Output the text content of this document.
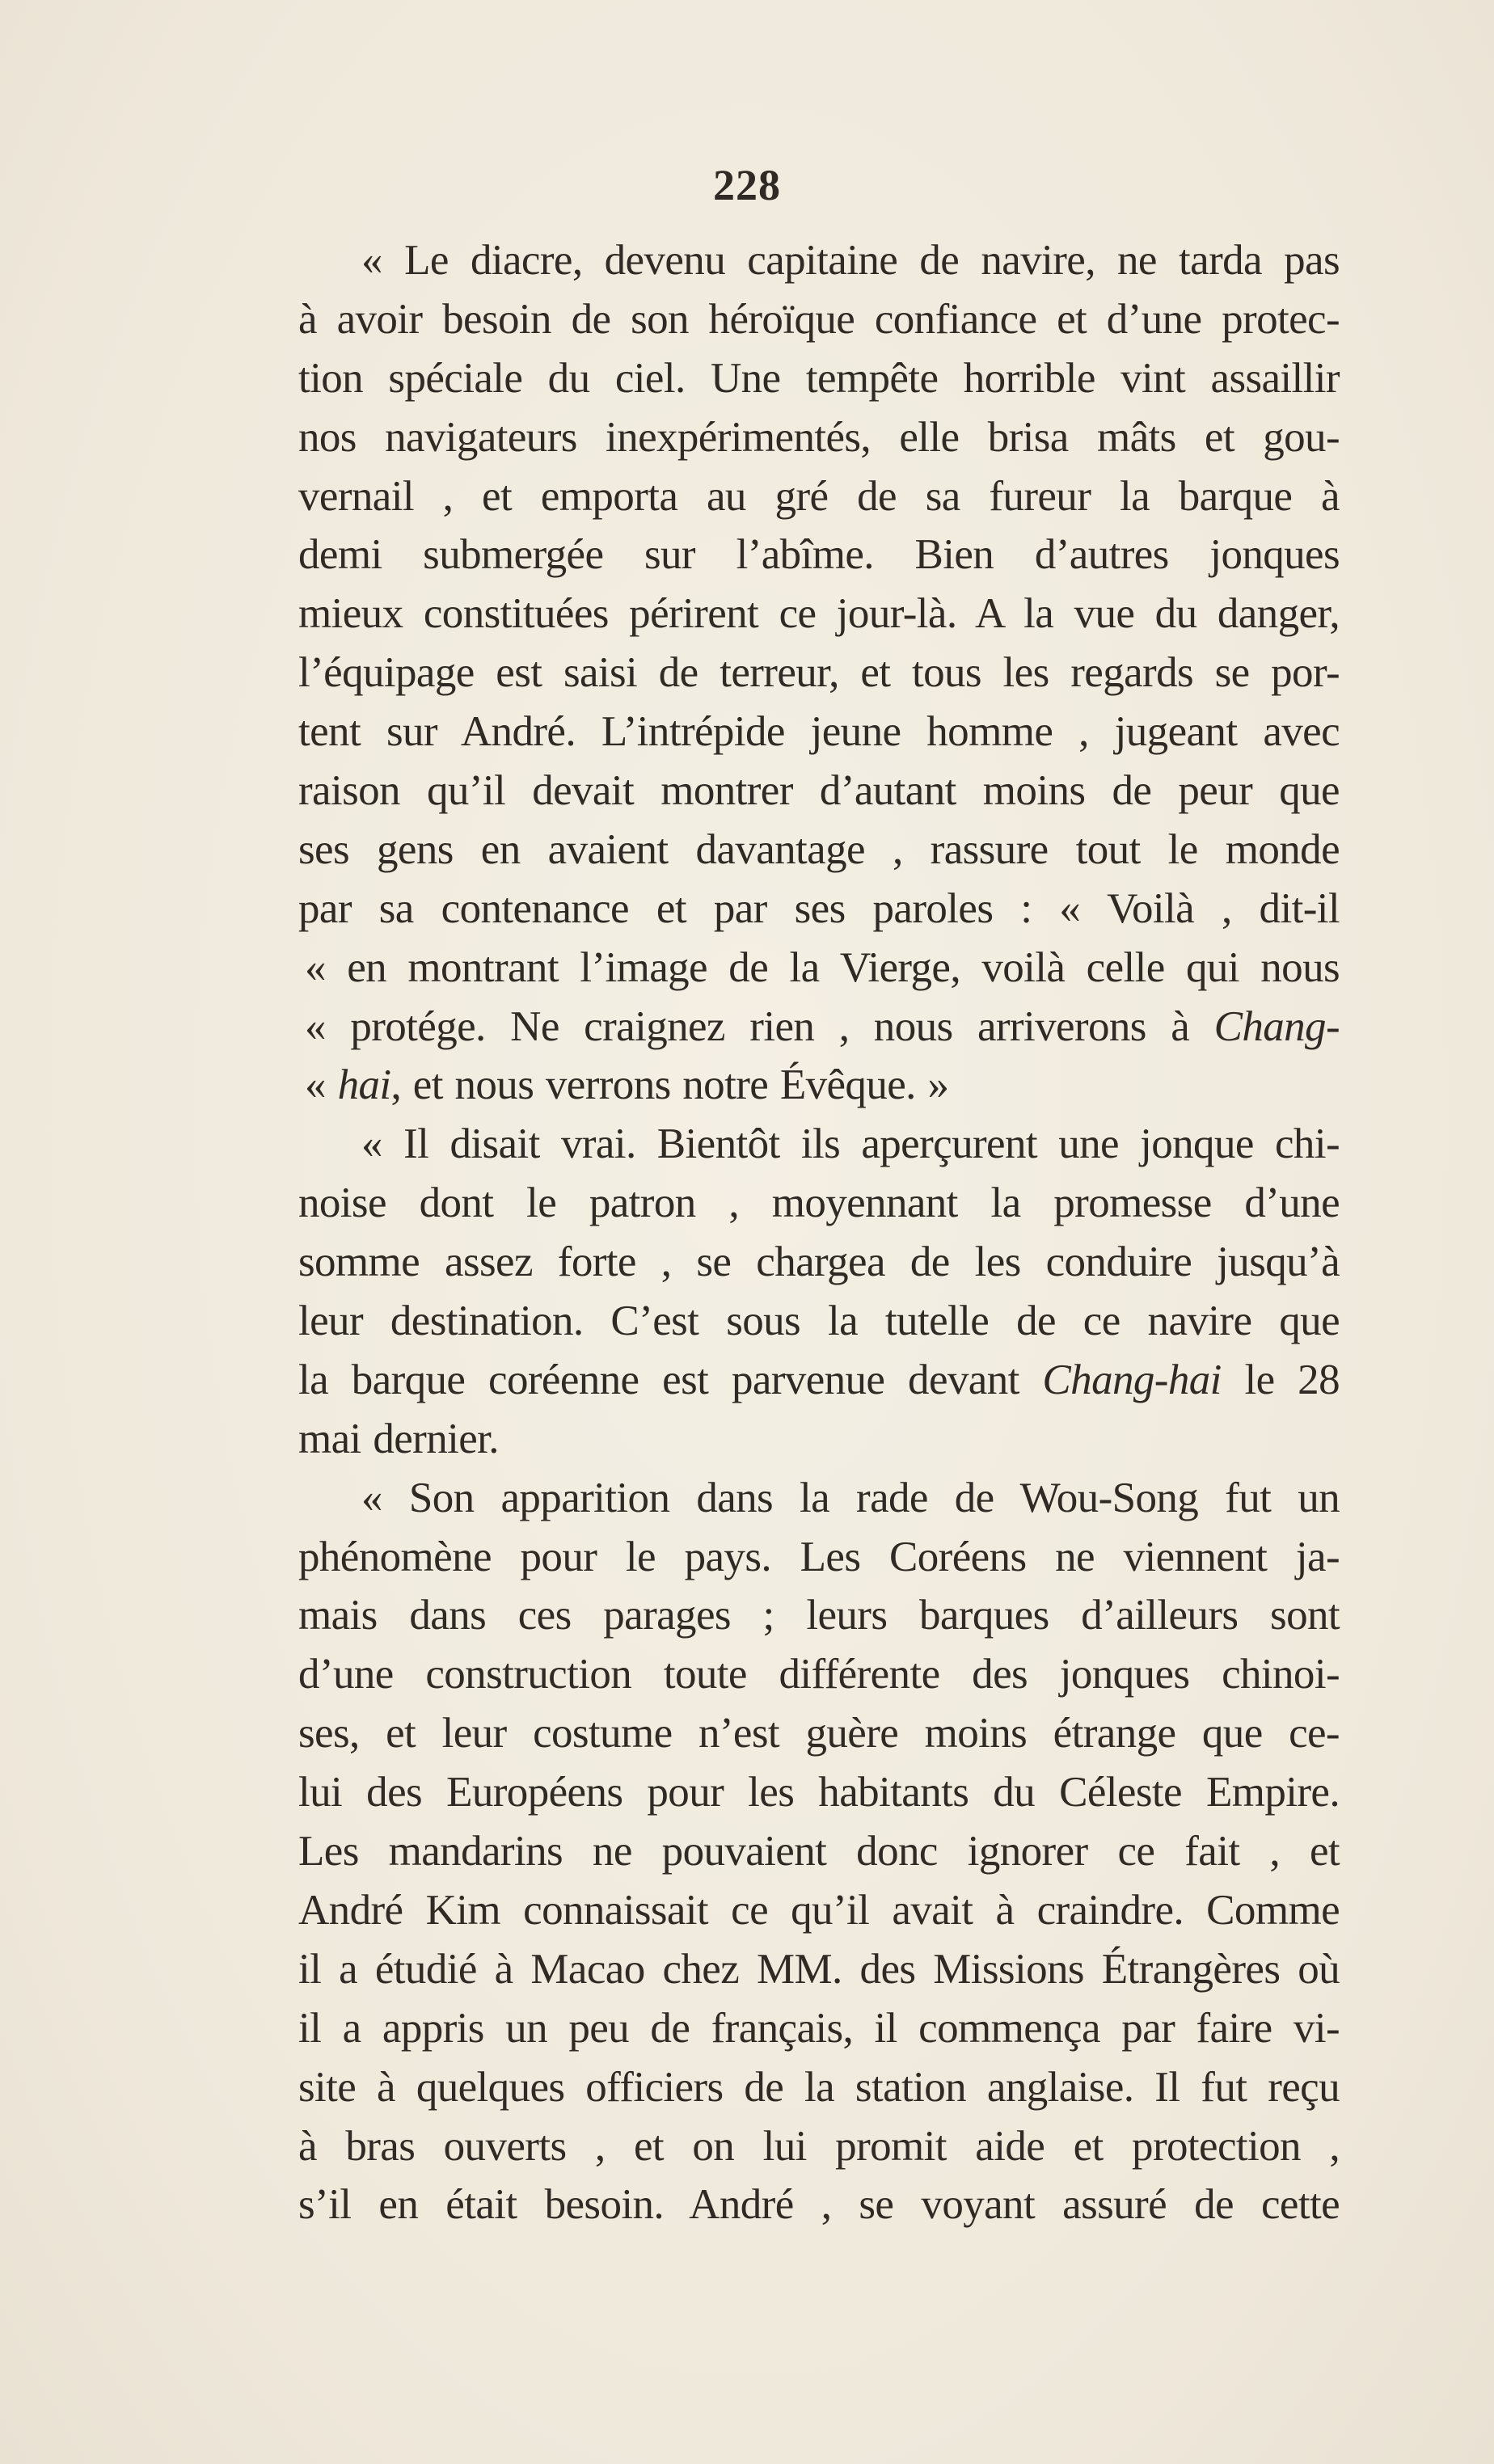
228
« Le diacre, devenu capitaine de navire, ne tarda pas
à avoir besoin de son héroïque confiance et d’une protec-
tion spéciale du ciel. Une tempête horrible vint assaillir
nos navigateurs inexpérimentés, elle brisa mâts et gou-
vernail , et emporta au gré de sa fureur la barque à
demi submergée sur l’abîme. Bien d’autres jonques
mieux constituées périrent ce jour-là. A la vue du danger,
l’équipage est saisi de terreur, et tous les regards se por-
tent sur André. L’intrépide jeune homme , jugeant avec
raison qu’il devait montrer d’autant moins de peur que
ses gens en avaient davantage , rassure tout le monde
par sa contenance et par ses paroles : « Voilà , dit-il
« en montrant l’image de la Vierge, voilà celle qui nous
« protége. Ne craignez rien , nous arriverons à Chang-
« hai, et nous verrons notre Évêque. »
« Il disait vrai. Bientôt ils aperçurent une jonque chi-
noise dont le patron , moyennant la promesse d’une
somme assez forte , se chargea de les conduire jusqu’à
leur destination. C’est sous la tutelle de ce navire que
la barque coréenne est parvenue devant Chang-hai le 28
mai dernier.
« Son apparition dans la rade de Wou-Song fut un
phénomène pour le pays. Les Coréens ne viennent ja-
mais dans ces parages ; leurs barques d’ailleurs sont
d’une construction toute différente des jonques chinoi-
ses, et leur costume n’est guère moins étrange que ce-
lui des Européens pour les habitants du Céleste Empire.
Les mandarins ne pouvaient donc ignorer ce fait , et
André Kim connaissait ce qu’il avait à craindre. Comme
il a étudié à Macao chez MM. des Missions Étrangères où
il a appris un peu de français, il commença par faire vi-
site à quelques officiers de la station anglaise. Il fut reçu
à bras ouverts , et on lui promit aide et protection ,
s’il en était besoin. André , se voyant assuré de cette
